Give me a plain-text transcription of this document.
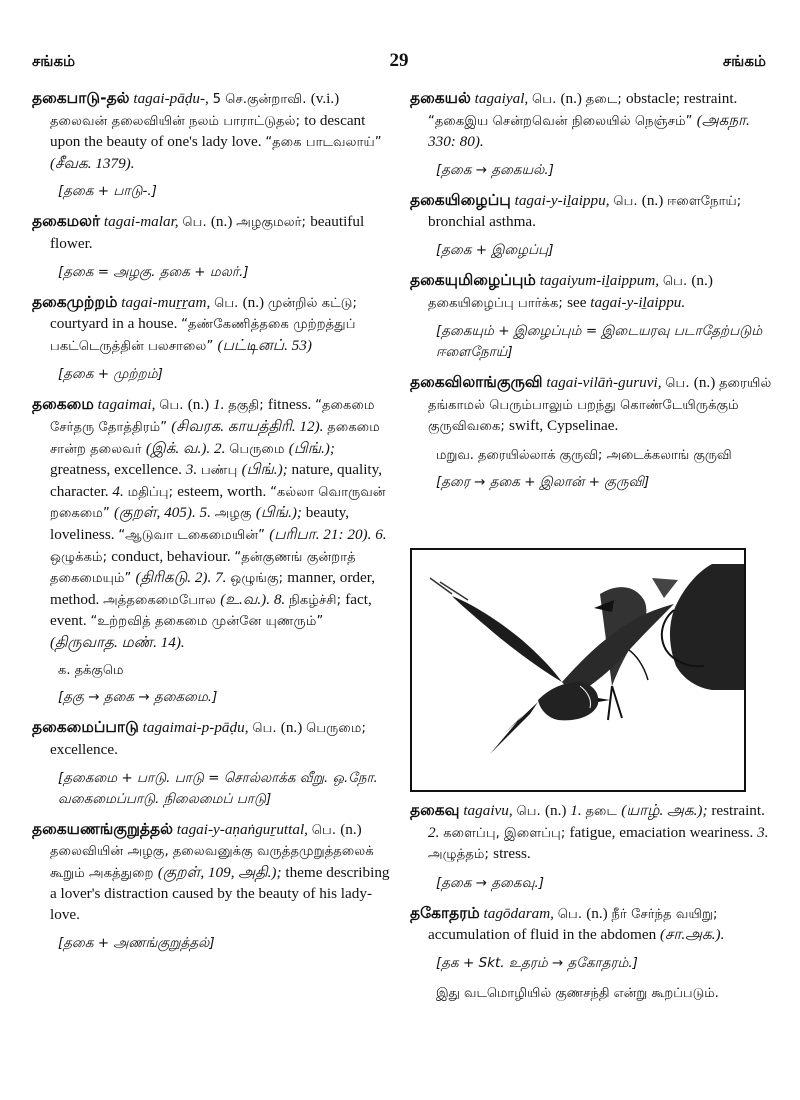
சங்கம்	29	சங்கம்

தகைபாடு-தல் tagai-pāḍu-, 5 செ.குன்றாவி. (v.i.) தலைவன் தலைவியின் நலம் பாராட்டுதல்; to descant upon the beauty of one's lady love. “தகை பாடவலாய்” (சீவக. 1379).

[தகை + பாடு-.]

தகைமலர் tagai-malar, பெ. (n.) அழகுமலர்; beautiful flower.

[தகை = அழகு. தகை + மலர்.]

தகைமுற்றம் tagai-muṟṟam, பெ. (n.) முன்றில் கட்டு; courtyard in a house. “தண்கேணித்தகை முற்றத்துப் பகட்டெருத்தின் பலசாலை” (பட்டினப். 53)

[தகை + முற்றம்]

தகைமை tagaimai, பெ. (n.) 1. தகுதி; fitness. “தகைமை சேர்தரு தோத்திரம்” (சிவரக. காயத்திரி. 12). தகைமை சான்ற தலைவர் (இக். வ.). 2. பெருமை (பிங்.); greatness, excellence. 3. பண்பு (பிங்.); nature, quality, character. 4. மதிப்பு; esteem, worth. “கல்லா வொருவன் றகைமை” (குறள், 405). 5. அழகு (பிங்.); beauty, loveliness. “ஆடுவா டகைமையின்” (பரிபா. 21: 20). 6. ஒழுக்கம்; conduct, behaviour. “தன்குணங் குன்றாத் தகைமையும்” (திரிகடு. 2). 7. ஒழுங்கு; manner, order, method. அத்தகைமைபோல (உ.வ.). 8. நிகழ்ச்சி; fact, event. “உற்றவித் தகைமை முன்னே யுணரும்” (திருவாத. மண். 14).

க. தக்குமெ
[தகு → தகை → தகைமை.]

தகைமைப்பாடு tagaimai-p-pāḍu, பெ. (n.) பெருமை; excellence.

[தகைமை + பாடு. பாடு = சொல்லாக்க வீறு. ஒ.நோ. வகைமைப்பாடு. நிலைமைப் பாடு]

தகையணங்குறுத்தல் tagai-y-aṇaṅguṟuttal, பெ. (n.) தலைவியின் அழகு, தலைவனுக்கு வருத்தமுறுத்தலைக் கூறும் அகத்துறை (குறள், 109, அதி.); theme describing a lover's distraction caused by the beauty of his lady-love.

[தகை + அணங்குறுத்தல்]

தகையல் tagaiyal, பெ. (n.) தடை; obstacle; restraint. “தகைஇய சென்றவென் நிலையில் நெஞ்சம்” (அகநா. 330: 80).

[தகை → தகையல்.]

தகையிழைப்பு tagai-y-iḻaippu, பெ. (n.) ஈளைநோய்; bronchial asthma.

[தகை + இழைப்பு]

தகையுமிழைப்பும் tagaiyum-iḻaippum, பெ. (n.) தகையிழைப்பு பார்க்க; see tagai-y-iḻaippu.

[தகையும் + இழைப்பும் = இடையரவு படாதேற்படும் ஈளைநோய்]

தகைவிலாங்குருவி tagai-vilāṅ-guruvi, பெ. (n.) தரையில் தங்காமல் பெரும்பாலும் பறந்து கொண்டேயிருக்கும் குருவிவகை; swift, Cypselinae.

மறுவ. தரையில்லாக் குருவி; அடைக்கலாங் குருவி
[தரை → தகை + இலான் + குருவி]

தகைவு tagaivu, பெ. (n.) 1. தடை (யாழ். அக.); restraint. 2. களைப்பு, இளைப்பு; fatigue, emaciation weariness. 3. அழுத்தம்; stress.

[தகை → தகைவு.]

தகோதரம் tagōdaram, பெ. (n.) நீர் சேர்ந்த வயிறு; accumulation of fluid in the abdomen (சா.அக.).

[தக + Skt. உதரம் → தகோதரம்.]
இது வடமொழியில் குணசந்தி என்று கூறப்படும்.
